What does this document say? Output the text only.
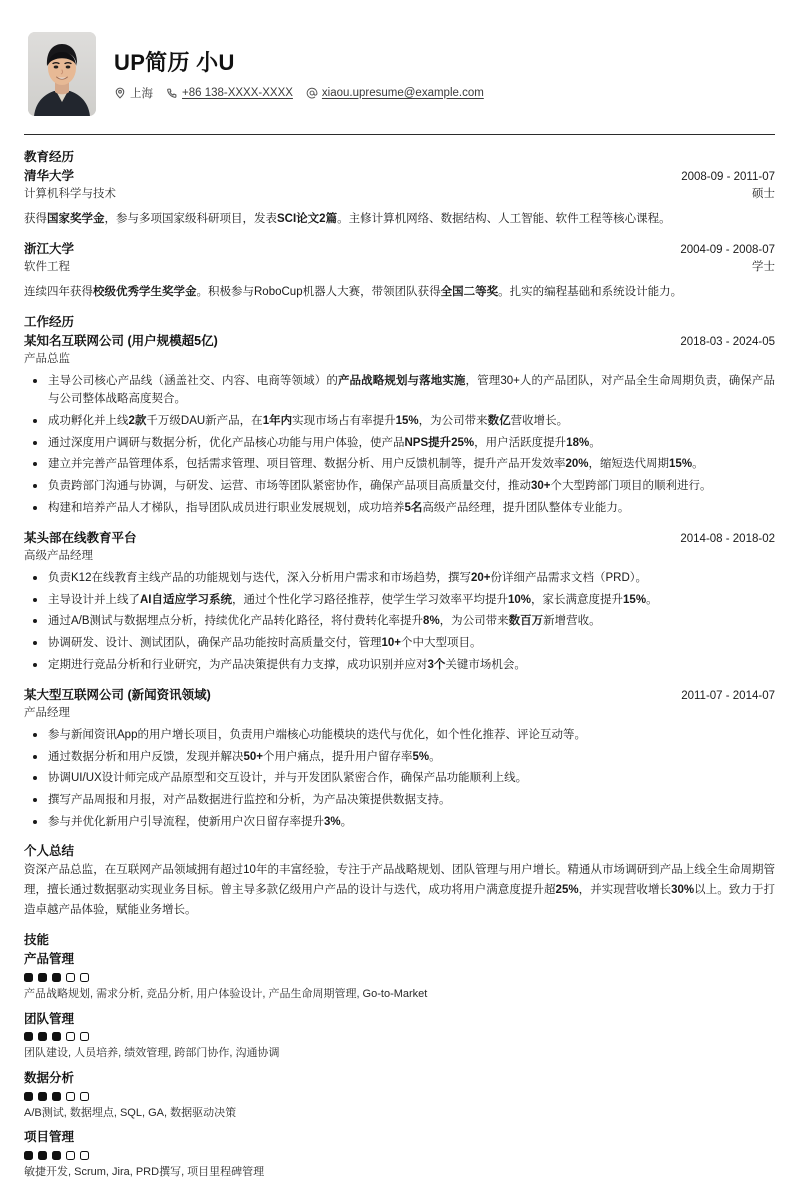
UP简历 小U
上海	+86 138-XXXX-XXXX	xiaou.upresume@example.com
教育经历
清华大学	2008-09 - 2011-07
计算机科学与技术	硕士

获得国家奖学金，参与多项国家级科研项目，发表SCI论文2篇。主修计算机网络、数据结构、人工智能、软件工程等核心课程。

浙江大学	2004-09 - 2008-07
软件工程	学士

连续四年获得校级优秀学生奖学金。积极参与RoboCup机器人大赛，带领团队获得全国二等奖。扎实的编程基础和系统设计能力。

工作经历
某知名互联网公司 (用户规模超5亿)	2018-03 - 2024-05
产品总监
主导公司核心产品线（涵盖社交、内容、电商等领域）的产品战略规划与落地实施，管理30+人的产品团队，对产品全生命周期负责，确保产品与公司整体战略高度契合。
成功孵化并上线2款千万级DAU新产品，在1年内实现市场占有率提升15%，为公司带来数亿营收增长。
通过深度用户调研与数据分析，优化产品核心功能与用户体验，使产品NPS提升25%，用户活跃度提升18%。
建立并完善产品管理体系，包括需求管理、项目管理、数据分析、用户反馈机制等，提升产品开发效率20%，缩短迭代周期15%。
负责跨部门沟通与协调，与研发、运营、市场等团队紧密协作，确保产品项目高质量交付，推动30+个大型跨部门项目的顺利进行。
构建和培养产品人才梯队，指导团队成员进行职业发展规划，成功培养5名高级产品经理，提升团队整体专业能力。
某头部在线教育平台	2014-08 - 2018-02
高级产品经理
负责K12在线教育主线产品的功能规划与迭代，深入分析用户需求和市场趋势，撰写20+份详细产品需求文档（PRD）。
主导设计并上线了AI自适应学习系统，通过个性化学习路径推荐，使学生学习效率平均提升10%，家长满意度提升15%。
通过A/B测试与数据埋点分析，持续优化产品转化路径，将付费转化率提升8%，为公司带来数百万新增营收。
协调研发、设计、测试团队，确保产品功能按时高质量交付，管理10+个中大型项目。
定期进行竞品分析和行业研究，为产品决策提供有力支撑，成功识别并应对3个关键市场机会。
某大型互联网公司 (新闻资讯领域)	2011-07 - 2014-07
产品经理
参与新闻资讯App的用户增长项目，负责用户端核心功能模块的迭代与优化，如个性化推荐、评论互动等。
通过数据分析和用户反馈，发现并解决50+个用户痛点，提升用户留存率5%。
协调UI/UX设计师完成产品原型和交互设计，并与开发团队紧密合作，确保产品功能顺利上线。
撰写产品周报和月报，对产品数据进行监控和分析，为产品决策提供数据支持。
参与并优化新用户引导流程，使新用户次日留存率提升3%。
个人总结
资深产品总监，在互联网产品领域拥有超过10年的丰富经验，专注于产品战略规划、团队管理与用户增长。精通从市场调研到产品上线全生命周期管理，擅长通过数据驱动实现业务目标。曾主导多款亿级用户产品的设计与迭代，成功将用户满意度提升超25%，并实现营收增长30%以上。致力于打造卓越产品体验，赋能业务增长。
技能
产品管理
产品战略规划, 需求分析, 竞品分析, 用户体验设计, 产品生命周期管理, Go-to-Market
团队管理
团队建设, 人员培养, 绩效管理, 跨部门协作, 沟通协调
数据分析
A/B测试, 数据埋点, SQL, GA, 数据驱动决策
项目管理
敏捷开发, Scrum, Jira, PRD撰写, 项目里程碑管理
